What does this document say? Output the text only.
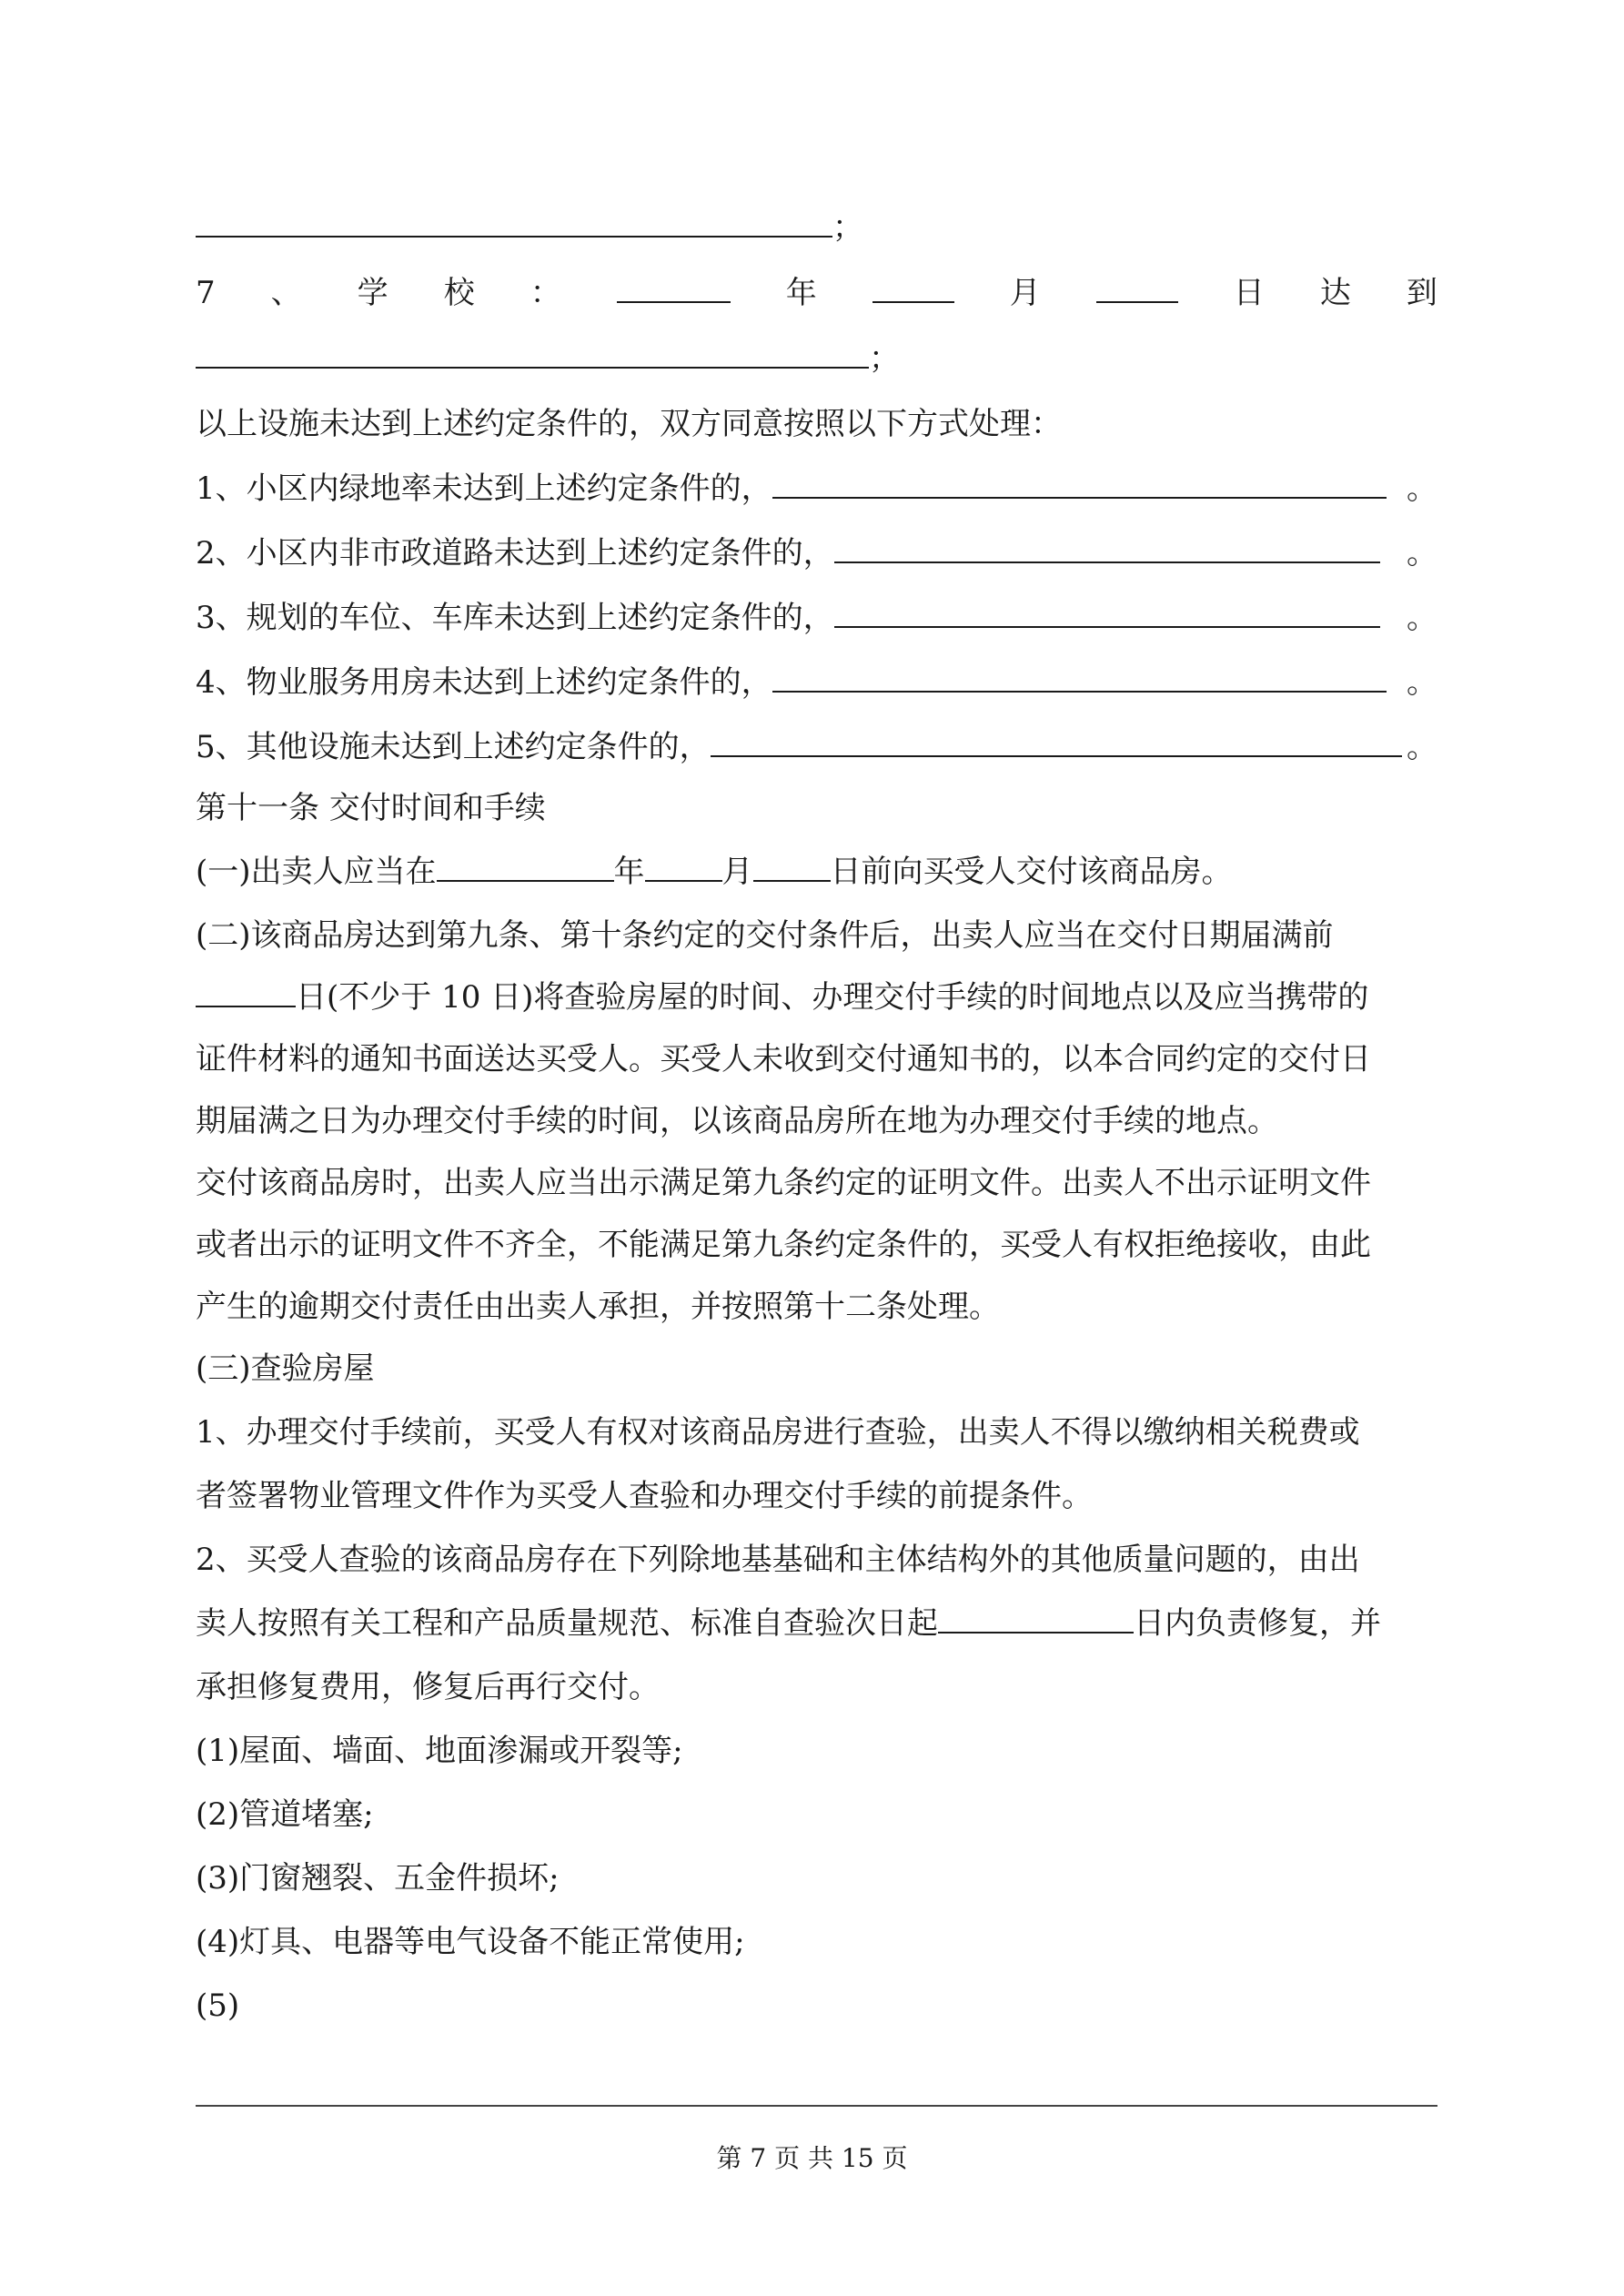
；
7 、 学 校 ：	年	月	日 达 到
；
以上设施未达到上述约定条件的，双方同意按照以下方式处理：
1、小区内绿地率未达到上述约定条件的，	。
2、小区内非市政道路未达到上述约定条件的，	。
3、规划的车位、车库未达到上述约定条件的，	。
4、物业服务用房未达到上述约定条件的，	。
5、其他设施未达到上述约定条件的，	。
第十一条 交付时间和手续
(一)出卖人应当在	年	月	日前向买受人交付该商品房。
(二)该商品房达到第九条、第十条约定的交付条件后，出卖人应当在交付日期届满前
日(不少于 10 日)将查验房屋的时间、办理交付手续的时间地点以及应当携带的
证件材料的通知书面送达买受人。买受人未收到交付通知书的，以本合同约定的交付日
期届满之日为办理交付手续的时间，以该商品房所在地为办理交付手续的地点。
交付该商品房时，出卖人应当出示满足第九条约定的证明文件。出卖人不出示证明文件
或者出示的证明文件不齐全，不能满足第九条约定条件的，买受人有权拒绝接收，由此
产生的逾期交付责任由出卖人承担，并按照第十二条处理。
(三)查验房屋
1、办理交付手续前，买受人有权对该商品房进行查验，出卖人不得以缴纳相关税费或
者签署物业管理文件作为买受人查验和办理交付手续的前提条件。
2、买受人查验的该商品房存在下列除地基基础和主体结构外的其他质量问题的，由出
卖人按照有关工程和产品质量规范、标准自查验次日起	日内负责修复，并
承担修复费用，修复后再行交付。
(1)屋面、墙面、地面渗漏或开裂等;
(2)管道堵塞;
(3)门窗翘裂、五金件损坏;
(4)灯具、电器等电气设备不能正常使用;
(5)
第 7 页 共 15 页
